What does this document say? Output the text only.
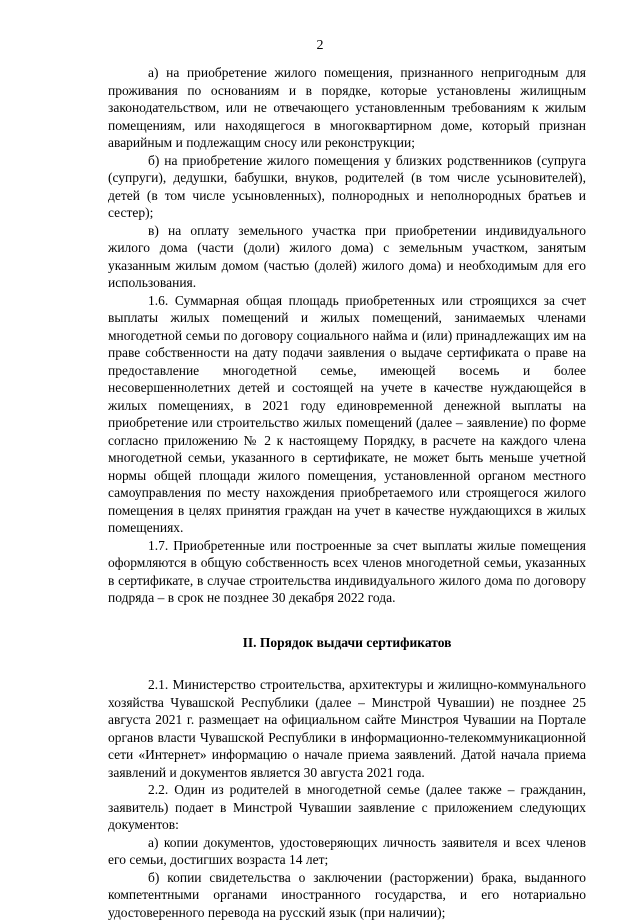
2

а) на приобретение жилого помещения, признанного непригодным для проживания по основаниям и в порядке, которые установлены жилищным законодательством, или не отвечающего установленным требованиям к жилым помещениям, или находящегося в многоквартирном доме, который признан аварийным и подлежащим сносу или реконструкции;

б) на приобретение жилого помещения у близких родственников (супруга (супруги), дедушки, бабушки, внуков, родителей (в том числе усыновителей), детей (в том числе усыновленных), полнородных и неполнородных братьев и сестер);

в) на оплату земельного участка при приобретении индивидуального жилого дома (части (доли) жилого дома) с земельным участком, занятым указанным жилым домом (частью (долей) жилого дома) и необходимым для его использования.

1.6. Суммарная общая площадь приобретенных или строящихся за счет выплаты жилых помещений и жилых помещений, занимаемых членами многодетной семьи по договору социального найма и (или) принадлежащих им на праве собственности на дату подачи заявления о выдаче сертификата о праве на предоставление многодетной семье, имеющей восемь и более несовершеннолетних детей и состоящей на учете в качестве нуждающейся в жилых помещениях, в 2021 году единовременной денежной выплаты на приобретение или строительство жилых помещений (далее – заявление) по форме согласно приложению № 2 к настоящему Порядку, в расчете на каждого члена многодетной семьи, указанного в сертификате, не может быть меньше учетной нормы общей площади жилого помещения, установленной органом местного самоуправления по месту нахождения приобретаемого или строящегося жилого помещения в целях принятия граждан на учет в качестве нуждающихся в жилых помещениях.

1.7. Приобретенные или построенные за счет выплаты жилые помещения оформляются в общую собственность всех членов многодетной семьи, указанных в сертификате, в случае строительства индивидуального жилого дома по договору подряда – в срок не позднее 30 декабря 2022 года.

II. Порядок выдачи сертификатов

2.1. Министерство строительства, архитектуры и жилищно-коммунального хозяйства Чувашской Республики (далее – Минстрой Чувашии) не позднее 25 августа 2021 г. размещает на официальном сайте Минстроя Чувашии на Портале органов власти Чувашской Республики в информационно-телекоммуникационной сети «Интернет» информацию о начале приема заявлений. Датой начала приема заявлений и документов является 30 августа 2021 года.

2.2. Один из родителей в многодетной семье (далее также – гражданин, заявитель) подает в Минстрой Чувашии заявление с приложением следующих документов:

а) копии документов, удостоверяющих личность заявителя и всех членов его семьи, достигших возраста 14 лет;

б) копии свидетельства о заключении (расторжении) брака, выданного компетентными органами иностранного государства, и его нотариально удостоверенного перевода на русский язык (при наличии);
